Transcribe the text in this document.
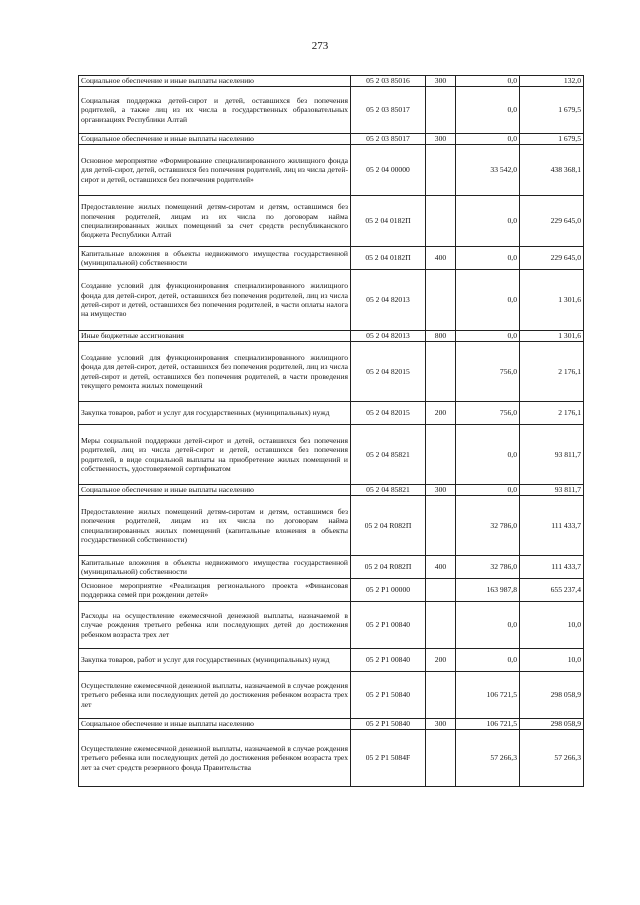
273
Социальное обеспечение и иные выплаты населению	05 2 03 85016	300	0,0	132,0
Социальная поддержка детей-сирот и детей, оставшихся без попечения родителей, а также лиц из их числа в государственных образовательных организациях Республики Алтай	05 2 03 85017		0,0	1 679,5
Социальное обеспечение и иные выплаты населению	05 2 03 85017	300	0,0	1 679,5
Основное мероприятие «Формирование специализированного жилищного фонда для детей-сирот, детей, оставшихся без попечения родителей, лиц из числа детей-сирот и детей, оставшихся без попечения родителей»	05 2 04 00000		33 542,0	438 368,1
Предоставление жилых помещений детям-сиротам и детям, оставшимся без попечения родителей, лицам из их числа по договорам найма специализированных жилых помещений за счет средств республиканского бюджета Республики Алтай	05 2 04 0182П		0,0	229 645,0
Капитальные вложения в объекты недвижимого имущества государственной (муниципальной) собственности	05 2 04 0182П	400	0,0	229 645,0
Создание условий для функционирования специализированного жилищного фонда для детей-сирот, детей, оставшихся без попечения родителей, лиц из числа детей-сирот и детей, оставшихся без попечения родителей, в части оплаты налога на имущество	05 2 04 82013		0,0	1 301,6
Иные бюджетные ассигнования	05 2 04 82013	800	0,0	1 301,6
Создание условий для функционирования специализированного жилищного фонда для детей-сирот, детей, оставшихся без попечения родителей, лиц из числа детей-сирот и детей, оставшихся без попечения родителей, в части проведения текущего ремонта жилых помещений	05 2 04 82015		756,0	2 176,1
Закупка товаров, работ и услуг для государственных (муниципальных) нужд	05 2 04 82015	200	756,0	2 176,1
Меры социальной поддержки детей-сирот и детей, оставшихся без попечения родителей, лиц из числа детей-сирот и детей, оставшихся без попечения родителей, в виде социальной выплаты на приобретение жилых помещений и собственность, удостоверяемой сертификатом	05 2 04 85821		0,0	93 811,7
Социальное обеспечение и иные выплаты населению	05 2 04 85821	300	0,0	93 811,7
Предоставление жилых помещений детям-сиротам и детям, оставшимся без попечения родителей, лицам из их числа по договорам найма специализированных жилых помещений (капитальные вложения в объекты государственной собственности)	05 2 04 R082П		32 786,0	111 433,7
Капитальные вложения в объекты недвижимого имущества государственной (муниципальной) собственности	05 2 04 R082П	400	32 786,0	111 433,7
Основное мероприятие «Реализация регионального проекта «Финансовая поддержка семей при рождении детей»	05 2 P1 00000		163 987,8	655 237,4
Расходы на осуществление ежемесячной денежной выплаты, назначаемой в случае рождения третьего ребенка или последующих детей до достижения ребенком возраста трех лет	05 2 P1 00840		0,0	10,0
Закупка товаров, работ и услуг для государственных (муниципальных) нужд	05 2 P1 00840	200	0,0	10,0
Осуществление ежемесячной денежной выплаты, назначаемой в случае рождения третьего ребенка или последующих детей до достижения ребенком возраста трех лет	05 2 P1 50840		106 721,5	298 058,9
Социальное обеспечение и иные выплаты населению	05 2 P1 50840	300	106 721,5	298 058,9
Осуществление ежемесячной денежной выплаты, назначаемой в случае рождения третьего ребенка или последующих детей до достижения ребенком возраста трех лет за счет средств резервного фонда Правительства	05 2 P1 5084F		57 266,3	57 266,3
